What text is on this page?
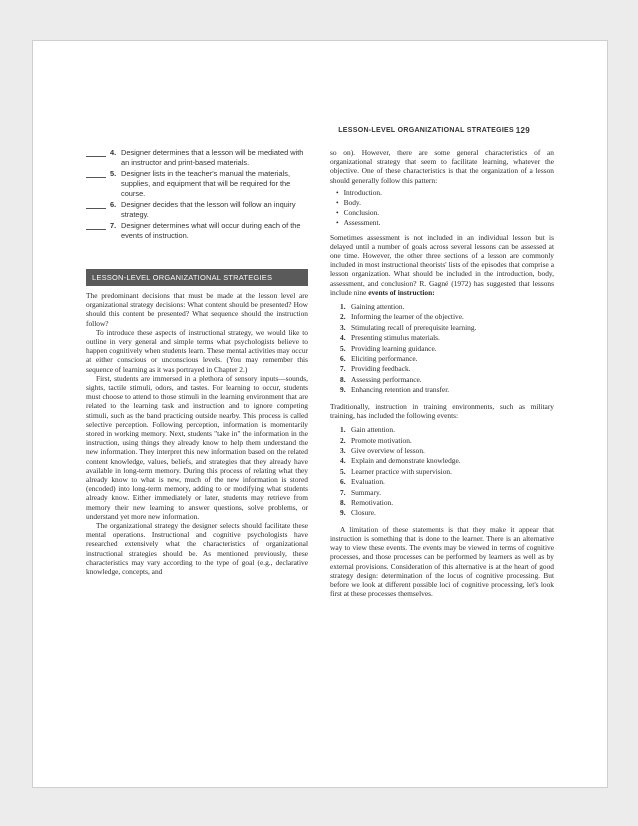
LESSON-LEVEL ORGANIZATIONAL STRATEGIES 129
4. Designer determines that a lesson will be mediated with an instructor and print-based materials.
5. Designer lists in the teacher's manual the materials, supplies, and equipment that will be required for the course.
6. Designer decides that the lesson will follow an inquiry strategy.
7. Designer determines what will occur during each of the events of instruction.
LESSON-LEVEL ORGANIZATIONAL STRATEGIES

The predominant decisions that must be made at the lesson level are organizational strategy decisions: What content should be presented? How should this content be presented? What sequence should the instruction follow?

To introduce these aspects of instructional strategy, we would like to outline in very general and simple terms what psychologists believe to happen cognitively when students learn. These mental activities may occur at either conscious or unconscious levels. (You may remember this sequence of learning as it was portrayed in Chapter 2.)

First, students are immersed in a plethora of sensory inputs—sounds, sights, tactile stimuli, odors, and tastes. For learning to occur, students must choose to attend to those stimuli in the learning environment that are related to the learning task and instruction and to ignore competing stimuli, such as the band practicing outside nearby. This process is called selective perception. Following perception, information is momentarily stored in working memory. Next, students "take in" the information in the instruction, using things they already know to help them understand the new information. They interpret this new information based on the related content knowledge, values, beliefs, and strategies that they already have available in long-term memory. During this process of relating what they already know to what is new, much of the new information is stored (encoded) into long-term memory, adding to or modifying what students already know. Either immediately or later, students may retrieve from memory their new learning to answer questions, solve problems, or understand yet more new information.

The organizational strategy the designer selects should facilitate these mental operations. Instructional and cognitive psychologists have researched extensively what the characteristics of organizational instructional strategies should be. As mentioned previously, these characteristics may vary according to the type of goal (e.g., declarative knowledge, concepts, and

so on). However, there are some general characteristics of an organizational strategy that seem to facilitate learning, whatever the objective. One of these characteristics is that the organization of a lesson should generally follow this pattern:

• Introduction.
• Body.
• Conclusion.
• Assessment.

Sometimes assessment is not included in an individual lesson but is delayed until a number of goals across several lessons can be assessed at one time. However, the other three sections of a lesson are commonly included in most instructional theorists' lists of the episodes that comprise a lesson organization. What should be included in the introduction, body, assessment, and conclusion? R. Gagné (1972) has suggested that lessons include nine events of instruction:

1. Gaining attention.
2. Informing the learner of the objective.
3. Stimulating recall of prerequisite learning.
4. Presenting stimulus materials.
5. Providing learning guidance.
6. Eliciting performance.
7. Providing feedback.
8. Assessing performance.
9. Enhancing retention and transfer.

Traditionally, instruction in training environments, such as military training, has included the following events:

1. Gain attention.
2. Promote motivation.
3. Give overview of lesson.
4. Explain and demonstrate knowledge.
5. Learner practice with supervision.
6. Evaluation.
7. Summary.
8. Remotivation.
9. Closure.

A limitation of these statements is that they make it appear that instruction is something that is done to the learner. There is an alternative way to view these events. The events may be viewed in terms of cognitive processes, and those processes can be performed by learners as well as by external provisions. Consideration of this alternative is at the heart of good strategy design: determination of the locus of cognitive processing. But before we look at different possible loci of cognitive processing, let's look first at these processes themselves.
